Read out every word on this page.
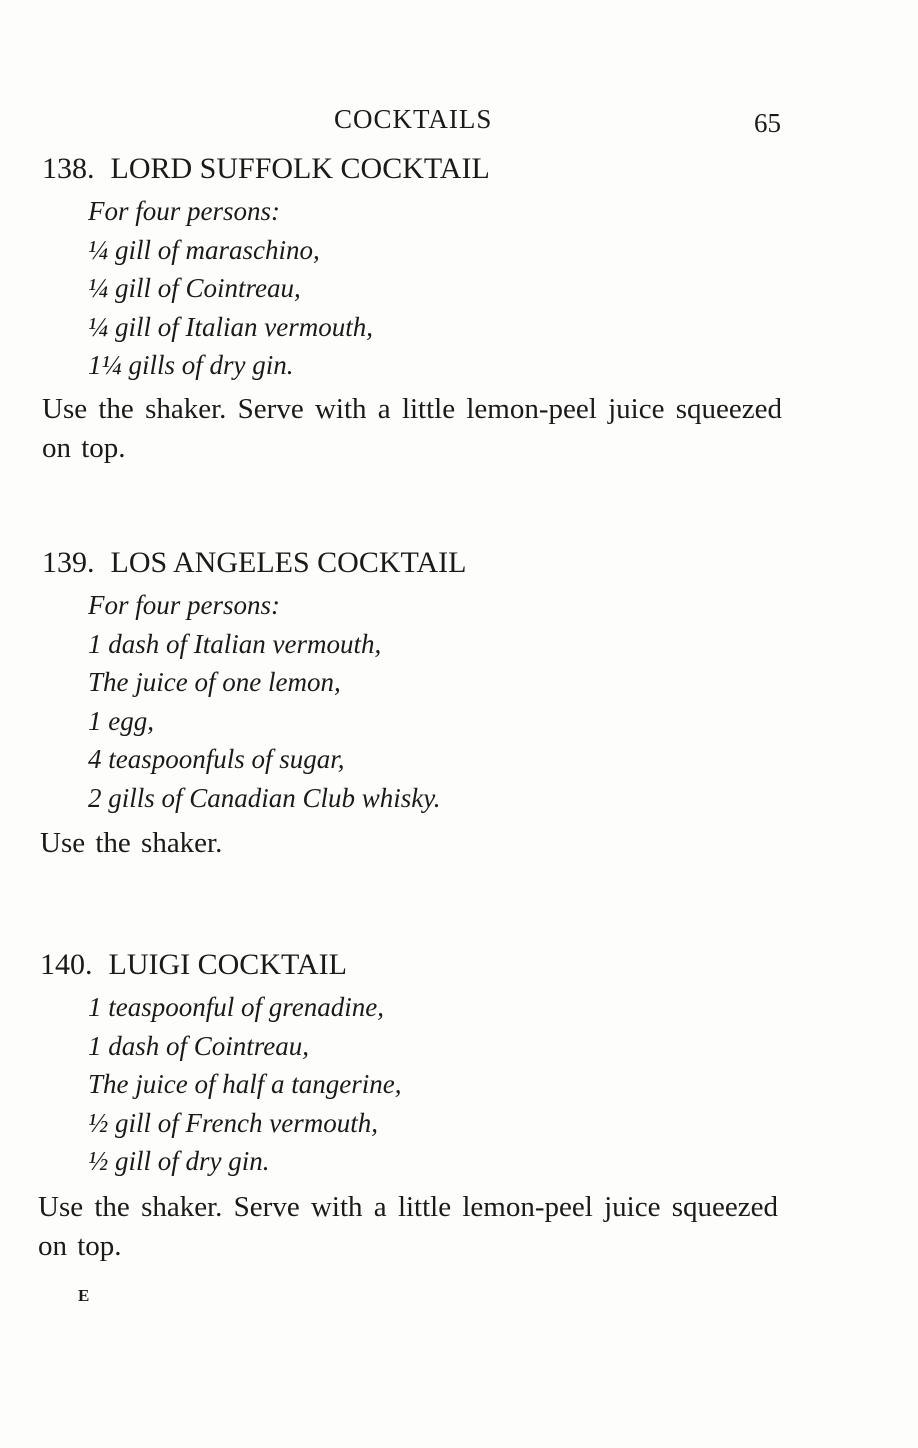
COCKTAILS	65
138. LORD SUFFOLK COCKTAIL
For four persons:
¼ gill of maraschino,
¼ gill of Cointreau,
¼ gill of Italian vermouth,
1¼ gills of dry gin.

Use the shaker. Serve with a little lemon-peel juice squeezed on top.

139. LOS ANGELES COCKTAIL
For four persons:
1 dash of Italian vermouth,
The juice of one lemon,
1 egg,
4 teaspoonfuls of sugar,
2 gills of Canadian Club whisky.

Use the shaker.

140. LUIGI COCKTAIL
1 teaspoonful of grenadine,
1 dash of Cointreau,
The juice of half a tangerine,
½ gill of French vermouth,
½ gill of dry gin.

Use the shaker. Serve with a little lemon-peel juice squeezed on top.

E
